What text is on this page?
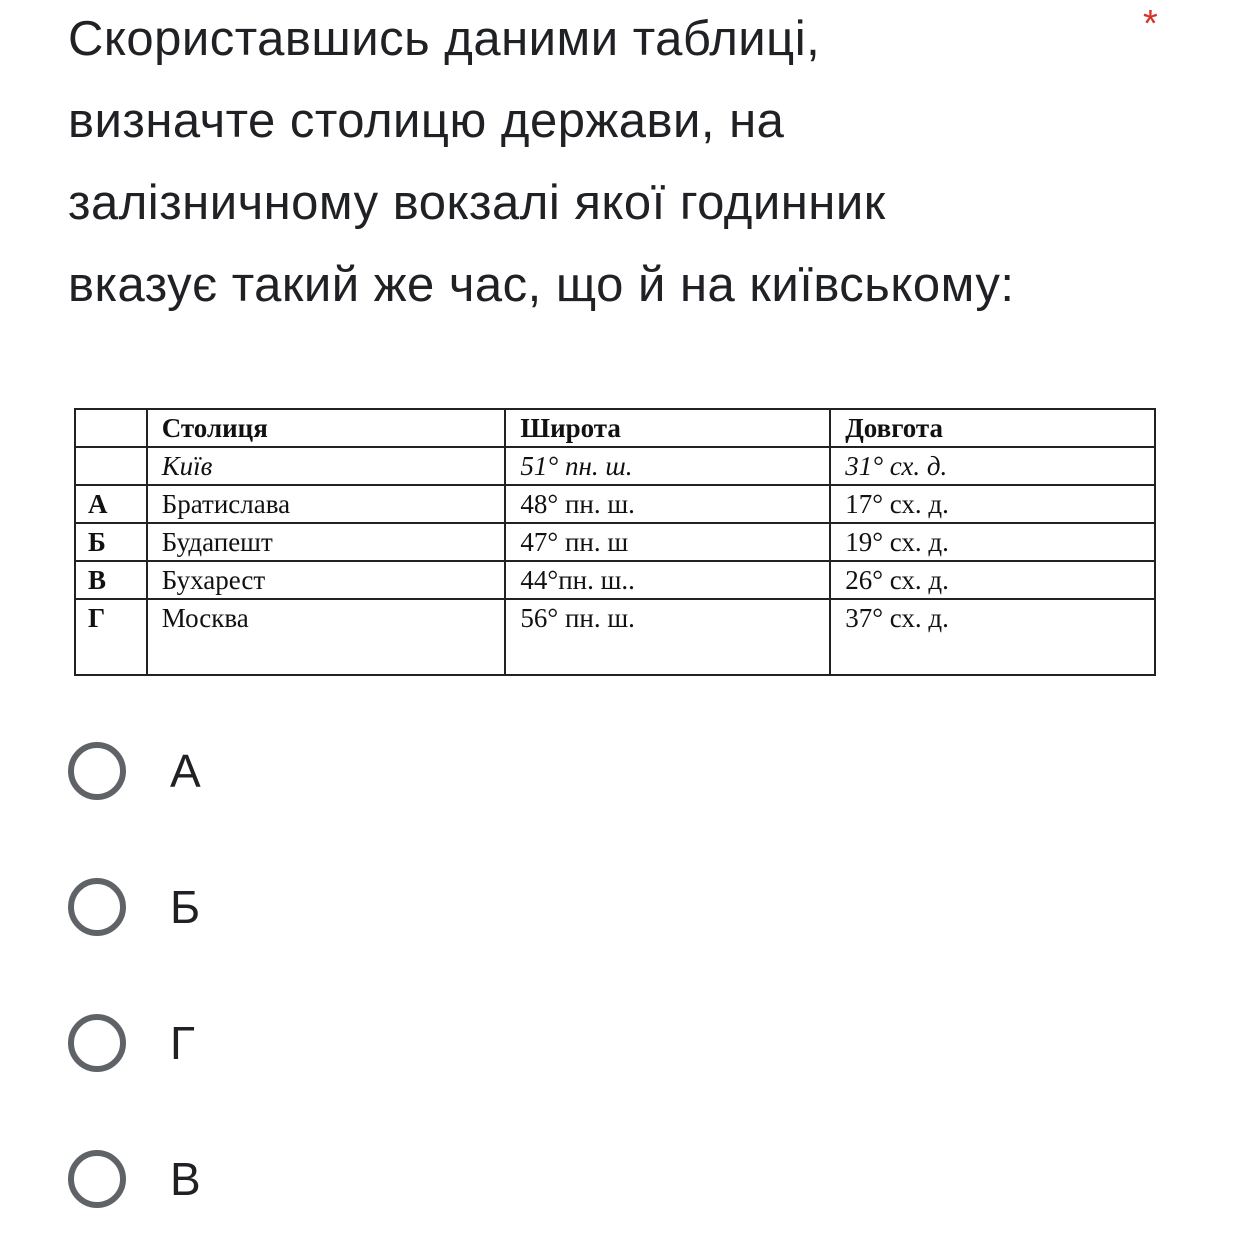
Скориставшись даними таблиці,
визначте столицю держави, на
залізничному вокзалі якої годинник
вказує такий же час, що й на київському:
*
	Столиця	Широта	Довгота
	Київ	51° пн. ш.	31° сх. д.
А	Братислава	48° пн. ш.	17° сх. д.
Б	Будапешт	47° пн. ш	19° сх. д.
В	Бухарест	44°пн. ш..	26° сх. д.
Г	Москва	56° пн. ш.	37° сх. д.
А
Б
Г
В
